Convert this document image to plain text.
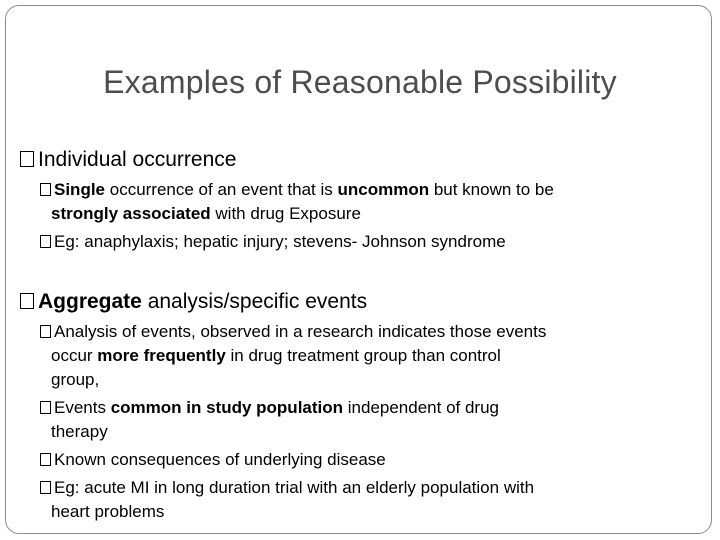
Examples of Reasonable Possibility
Individual occurrence
Single occurrence of an event that is uncommon but known to be
strongly associated with drug Exposure
Eg: anaphylaxis; hepatic injury; stevens- Johnson syndrome
Aggregate analysis/specific events
Analysis of events, observed in a research indicates those events
occur more frequently in drug treatment group than control
group,
Events common in study population independent of drug
therapy
Known consequences of underlying disease
Eg: acute MI in long duration trial with an elderly population with
heart problems
